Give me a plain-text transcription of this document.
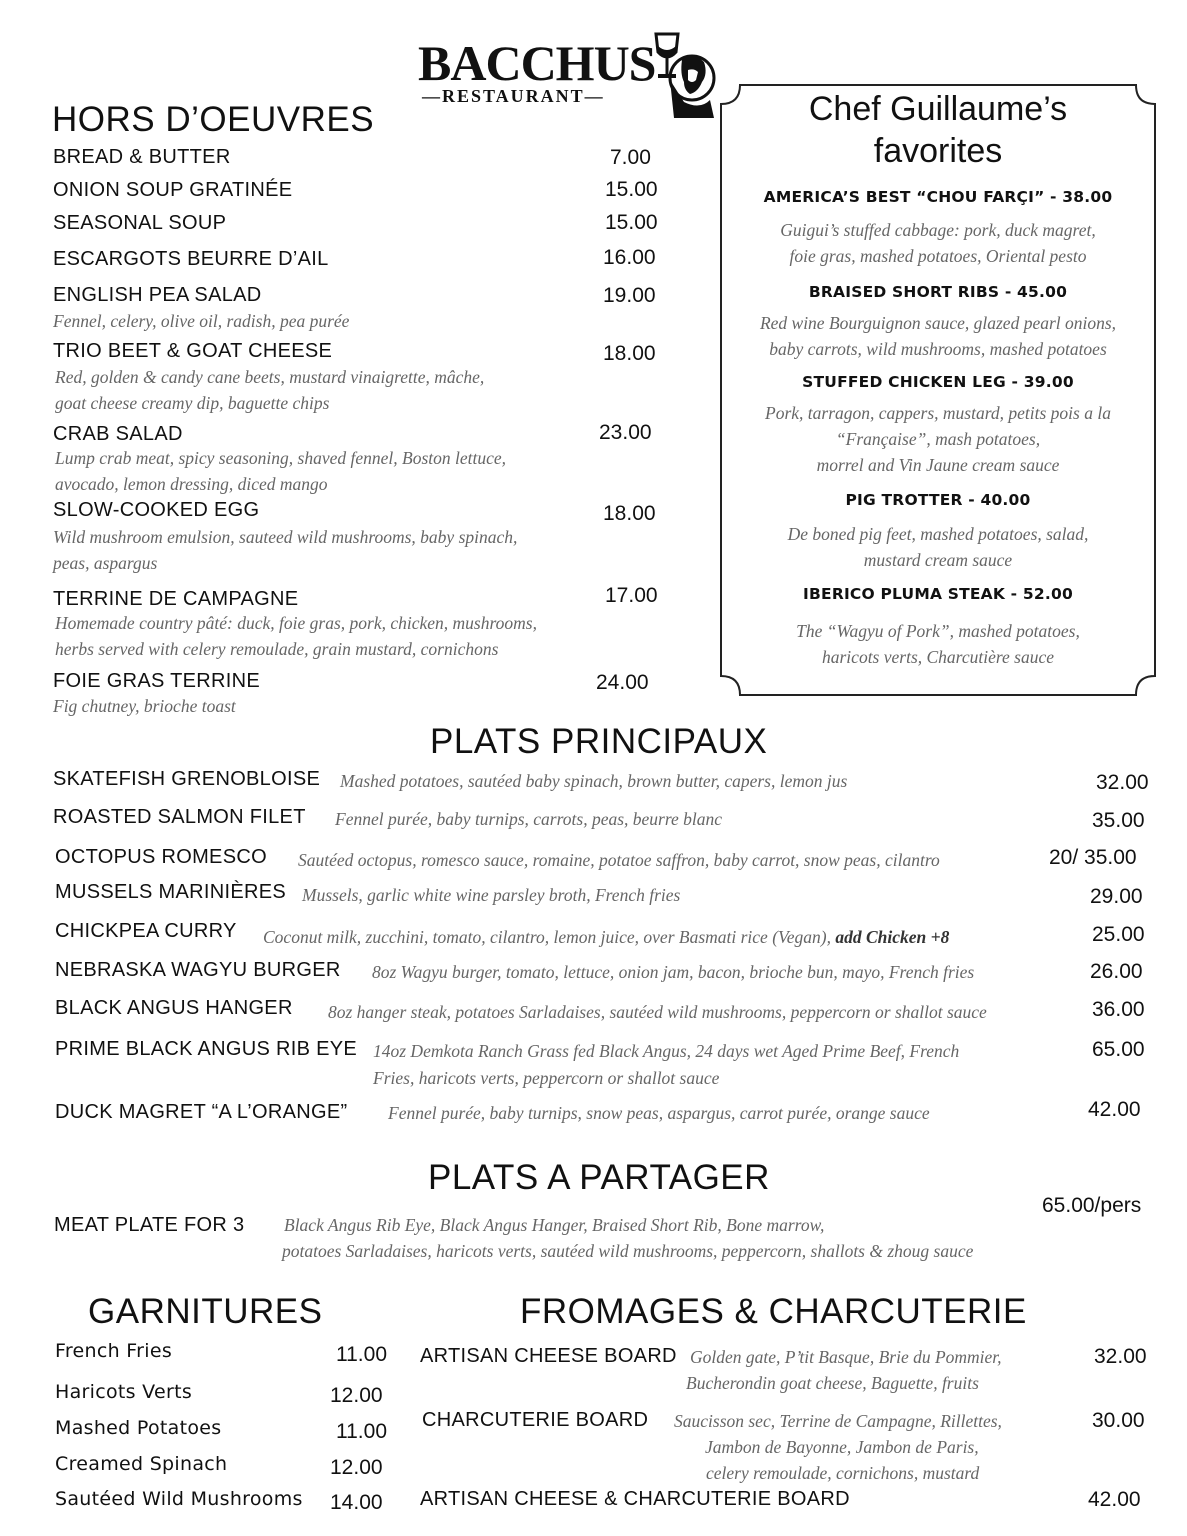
BACCHUS
—RESTAURANT—
HORS D’OEUVRES
BREAD & BUTTER	7.00
ONION SOUP GRATINÉE	15.00
SEASONAL SOUP	15.00
ESCARGOTS BEURRE D’AIL	16.00
ENGLISH PEA SALAD	19.00
Fennel, celery, olive oil, radish, pea purée
TRIO BEET & GOAT CHEESE	18.00
Red, golden & candy cane beets, mustard vinaigrette, mâche,
goat cheese creamy dip, baguette chips
CRAB SALAD	23.00
Lump crab meat, spicy seasoning, shaved fennel, Boston lettuce,
avocado, lemon dressing, diced mango
SLOW-COOKED EGG	18.00
Wild mushroom emulsion, sauteed wild mushrooms, baby spinach,
peas, aspargus
TERRINE DE CAMPAGNE	17.00
Homemade country pâté: duck, foie gras, pork, chicken, mushrooms,
herbs served with celery remoulade, grain mustard, cornichons
FOIE GRAS TERRINE	24.00
Fig chutney, brioche toast
Chef Guillaume’s
favorites
AMERICA’S BEST “CHOU FARÇI” - 38.00
Guigui’s stuffed cabbage: pork, duck magret,
foie gras, mashed potatoes, Oriental pesto
BRAISED SHORT RIBS - 45.00
Red wine Bourguignon sauce, glazed pearl onions,
baby carrots, wild mushrooms, mashed potatoes
STUFFED CHICKEN LEG - 39.00
Pork, tarragon, cappers, mustard, petits pois a la
“Française”, mash potatoes,
morrel and Vin Jaune cream sauce
PIG TROTTER - 40.00
De boned pig feet, mashed potatoes, salad,
mustard cream sauce
IBERICO PLUMA STEAK - 52.00
The “Wagyu of Pork”, mashed potatoes,
haricots verts, Charcutière sauce
PLATS PRINCIPAUX
SKATEFISH GRENOBLOISE	32.00
Mashed potatoes, sautéed baby spinach, brown butter, capers, lemon jus
ROASTED SALMON FILET	35.00
Fennel purée, baby turnips, carrots, peas, beurre blanc
OCTOPUS ROMESCO	20/ 35.00
Sautéed octopus, romesco sauce, romaine, potatoe saffron, baby carrot, snow peas, cilantro
MUSSELS MARINIÈRES	29.00
Mussels, garlic white wine parsley broth, French fries
CHICKPEA CURRY	25.00
Coconut milk, zucchini, tomato, cilantro, lemon juice, over Basmati rice (Vegan), add Chicken +8
NEBRASKA WAGYU BURGER	26.00
8oz Wagyu burger, tomato, lettuce, onion jam, bacon, brioche bun, mayo, French fries
BLACK ANGUS HANGER	36.00
8oz hanger steak, potatoes Sarladaises, sautéed wild mushrooms, peppercorn or shallot sauce
PRIME BLACK ANGUS RIB EYE	65.00
14oz Demkota Ranch Grass fed Black Angus, 24 days wet Aged Prime Beef, French
Fries, haricots verts, peppercorn or shallot sauce
DUCK MAGRET “A L’ORANGE”	42.00
Fennel purée, baby turnips, snow peas, aspargus, carrot purée, orange sauce
PLATS A PARTAGER
MEAT PLATE FOR 3 Black Angus Rib Eye, Black Angus Hanger, Braised Short Rib, Bone marrow,
potatoes Sarladaises, haricots verts, sautéed wild mushrooms, peppercorn, shallots & zhoug sauce
65.00/pers
GARNITURES
French Fries	11.00
Haricots Verts	12.00
Mashed Potatoes	11.00
Creamed Spinach	12.00
Sautéed Wild Mushrooms 14.00
FROMAGES & CHARCUTERIE
ARTISAN CHEESE BOARD	32.00
Golden gate, P’tit Basque, Brie du Pommier,
Bucherondin goat cheese, Baguette, fruits
CHARCUTERIE BOARD	30.00
Saucisson sec, Terrine de Campagne, Rillettes,
Jambon de Bayonne, Jambon de Paris,
celery remoulade, cornichons, mustard
ARTISAN CHEESE & CHARCUTERIE BOARD	42.00
